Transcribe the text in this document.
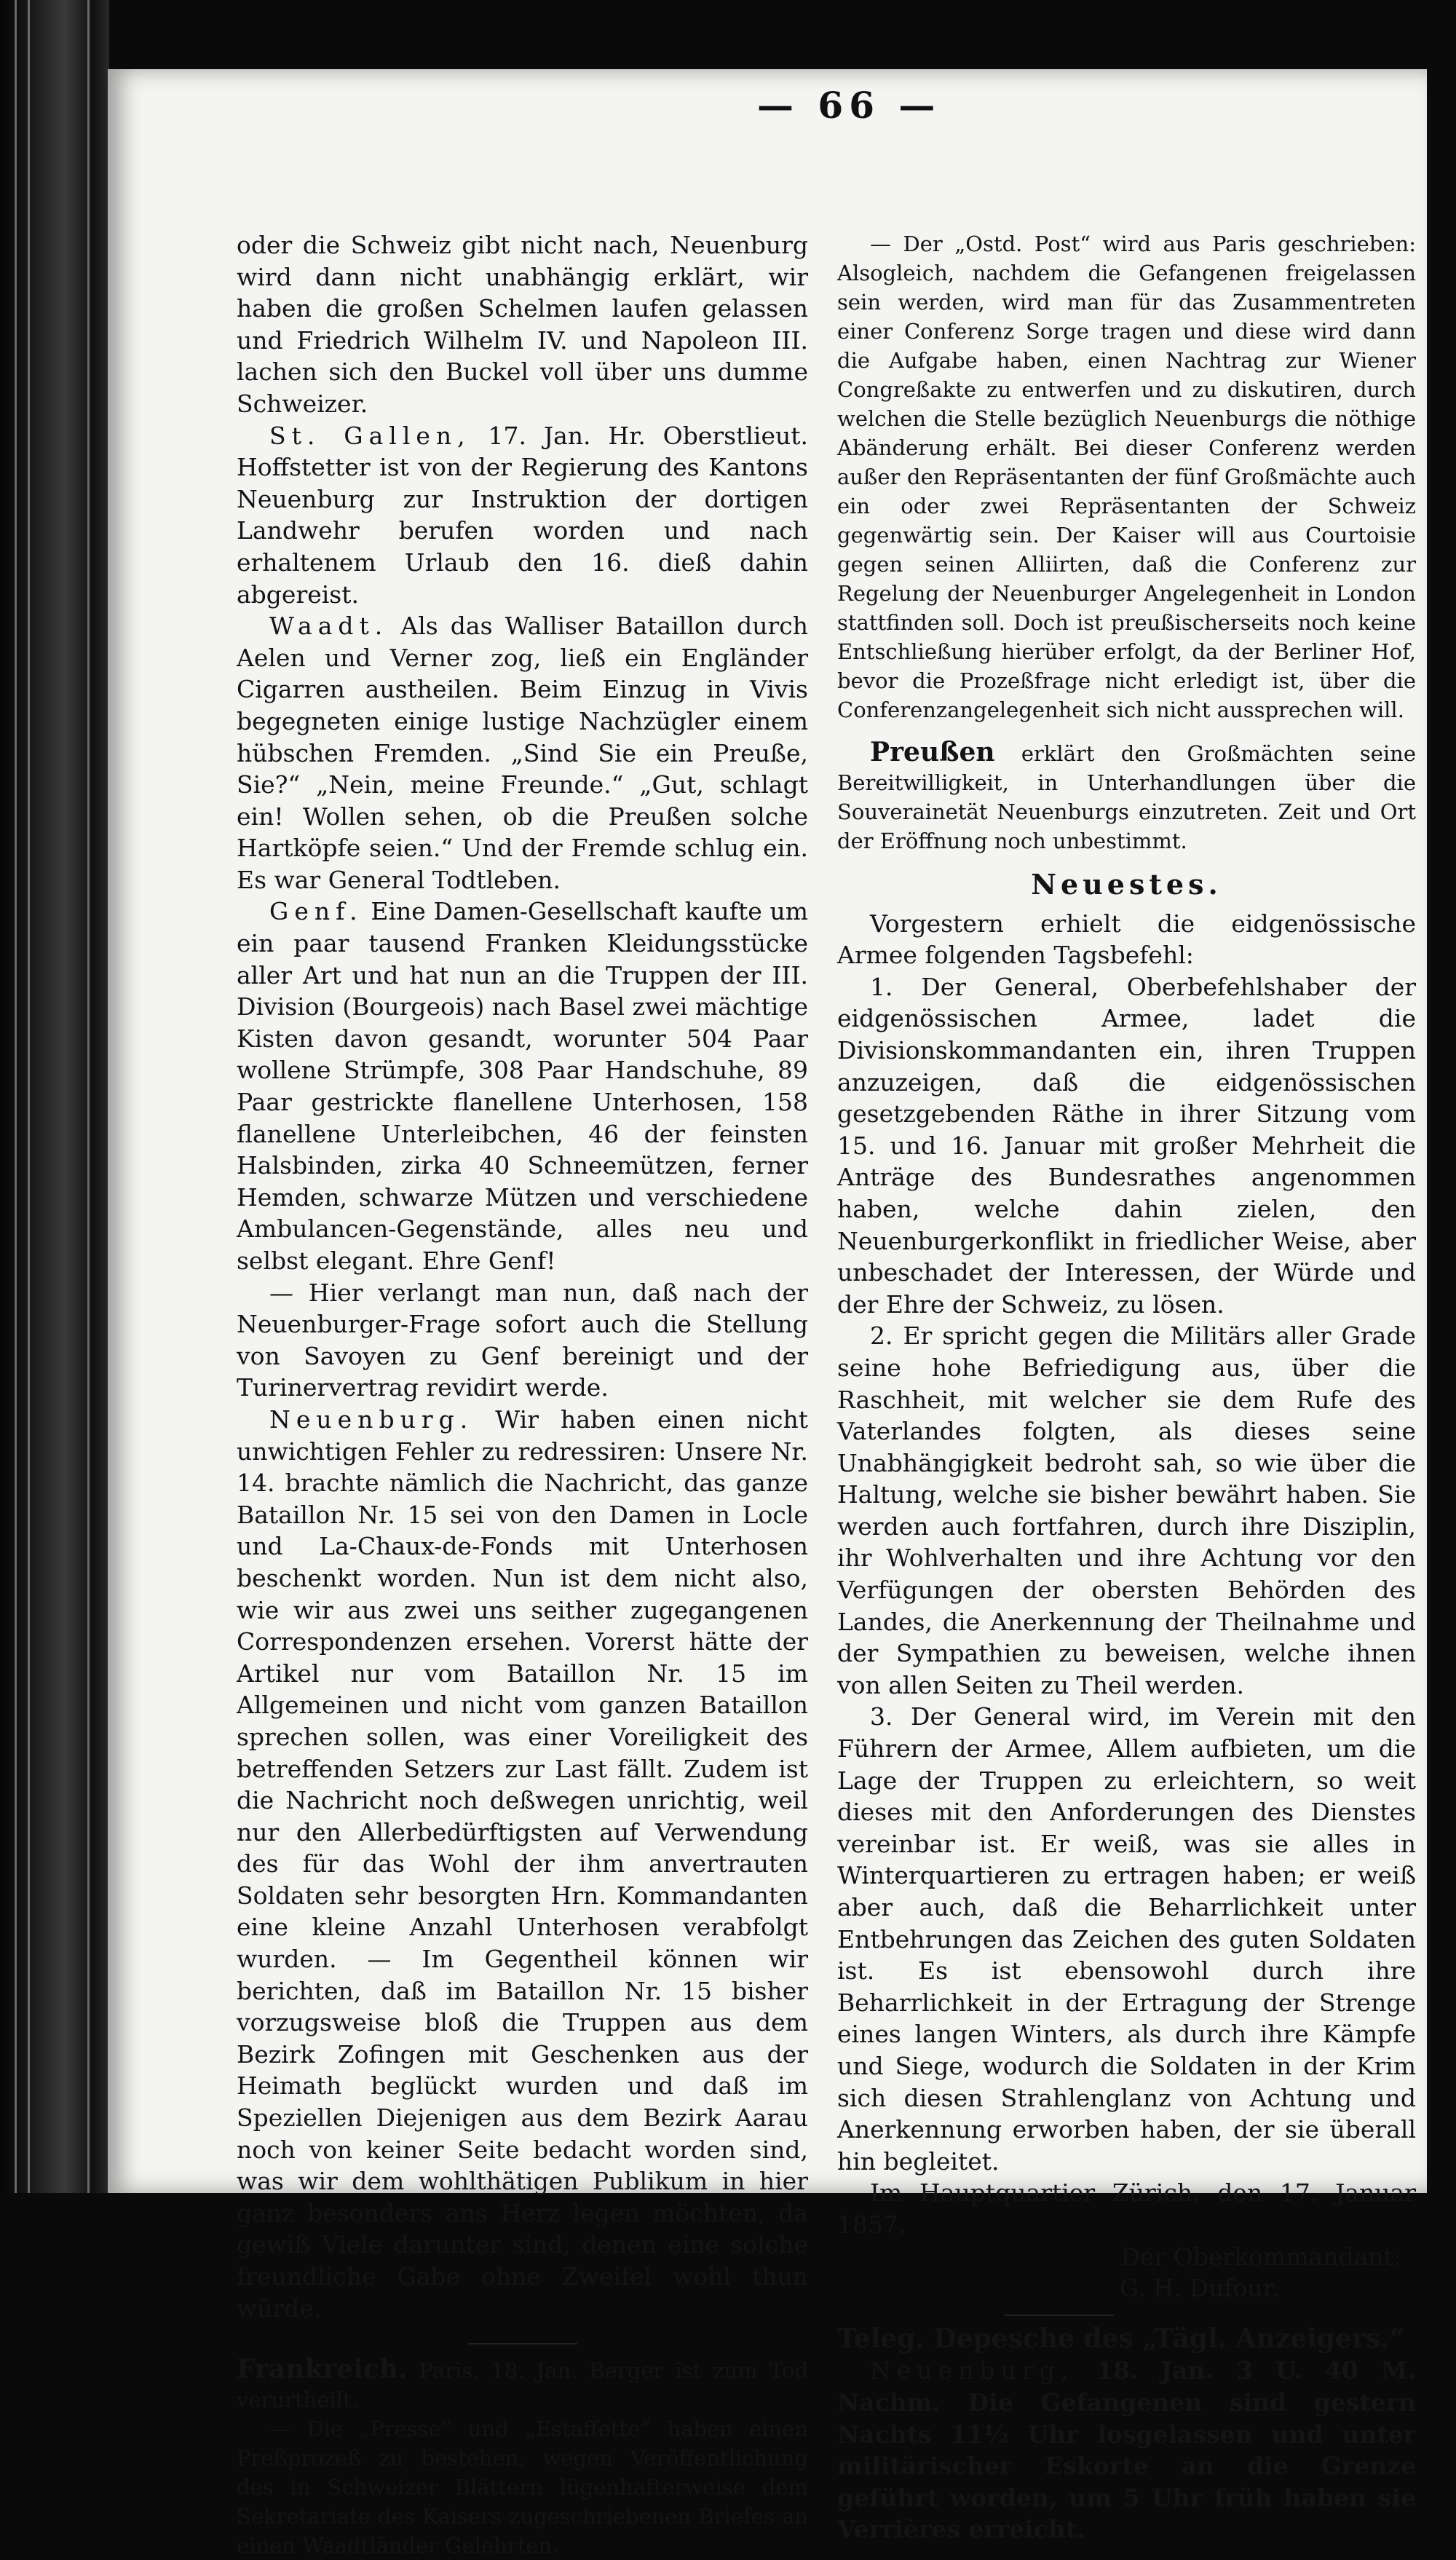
— 66 —

oder die Schweiz gibt nicht nach, Neuenburg wird dann nicht unabhängig erklärt, wir haben die großen Schelmen laufen gelassen und Friedrich Wilhelm IV. und Napoleon III. lachen sich den Buckel voll über uns dumme Schweizer.

St. Gallen, 17. Jan. Hr. Oberstlieut. Hoffstetter ist von der Regierung des Kantons Neuenburg zur Instruktion der dortigen Landwehr berufen worden und nach erhaltenem Urlaub den 16. dieß dahin abgereist.

Waadt. Als das Walliser Bataillon durch Aelen und Verner zog, ließ ein Engländer Cigarren austheilen. Beim Einzug in Vivis begegneten einige lustige Nachzügler einem hübschen Fremden. „Sind Sie ein Preuße, Sie?“ „Nein, meine Freunde.“ „Gut, schlagt ein! Wollen sehen, ob die Preußen solche Hartköpfe seien.“ Und der Fremde schlug ein. Es war General Todtleben.

Genf. Eine Damen-Gesellschaft kaufte um ein paar tausend Franken Kleidungsstücke aller Art und hat nun an die Truppen der III. Division (Bourgeois) nach Basel zwei mächtige Kisten davon gesandt, worunter 504 Paar wollene Strümpfe, 308 Paar Handschuhe, 89 Paar gestrickte flanellene Unterhosen, 158 flanellene Unterleibchen, 46 der feinsten Halsbinden, zirka 40 Schneemützen, ferner Hemden, schwarze Mützen und verschiedene Ambulancen-Gegenstände, alles neu und selbst elegant. Ehre Genf!

— Hier verlangt man nun, daß nach der Neuenburger-Frage sofort auch die Stellung von Savoyen zu Genf bereinigt und der Turinervertrag revidirt werde.

Neuenburg. Wir haben einen nicht unwichtigen Fehler zu redressiren: Unsere Nr. 14. brachte nämlich die Nachricht, das ganze Bataillon Nr. 15 sei von den Damen in Locle und La-Chaux-de-Fonds mit Unterhosen beschenkt worden. Nun ist dem nicht also, wie wir aus zwei uns seither zugegangenen Correspondenzen ersehen. Vorerst hätte der Artikel nur vom Bataillon Nr. 15 im Allgemeinen und nicht vom ganzen Bataillon sprechen sollen, was einer Voreiligkeit des betreffenden Setzers zur Last fällt. Zudem ist die Nachricht noch deßwegen unrichtig, weil nur den Allerbedürftigsten auf Verwendung des für das Wohl der ihm anvertrauten Soldaten sehr besorgten Hrn. Kommandanten eine kleine Anzahl Unterhosen verabfolgt wurden. — Im Gegentheil können wir berichten, daß im Bataillon Nr. 15 bisher vorzugsweise bloß die Truppen aus dem Bezirk Zofingen mit Geschenken aus der Heimath beglückt wurden und daß im Speziellen Diejenigen aus dem Bezirk Aarau noch von keiner Seite bedacht worden sind, was wir dem wohlthätigen Publikum in hier ganz besonders ans Herz legen möchten, da gewiß Viele darunter sind, denen eine solche freundliche Gabe ohne Zweifel wohl thun würde.

Frankreich. Paris, 18. Jan. Berger ist zum Tod verurtheilt.

— Die „Presse“ und „Estaffette“ haben einen Preßprozeß zu bestehen, wegen Veröffentlichung des in Schweizer Blättern lügenhafterweise dem Sekretariate des Kaisers zugeschriebenen Briefes an einen Waadtländer Gelehrten.

— Der „Ostd. Post“ wird aus Paris geschrieben: Alsogleich, nachdem die Gefangenen freigelassen sein werden, wird man für das Zusammentreten einer Conferenz Sorge tragen und diese wird dann die Aufgabe haben, einen Nachtrag zur Wiener Congreßakte zu entwerfen und zu diskutiren, durch welchen die Stelle bezüglich Neuenburgs die nöthige Abänderung erhält. Bei dieser Conferenz werden außer den Repräsentanten der fünf Großmächte auch ein oder zwei Repräsentanten der Schweiz gegenwärtig sein. Der Kaiser will aus Courtoisie gegen seinen Alliirten, daß die Conferenz zur Regelung der Neuenburger Angelegenheit in London stattfinden soll. Doch ist preußischerseits noch keine Entschließung hierüber erfolgt, da der Berliner Hof, bevor die Prozeßfrage nicht erledigt ist, über die Conferenzangelegenheit sich nicht aussprechen will.

Preußen erklärt den Großmächten seine Bereitwilligkeit, in Unterhandlungen über die Souverainetät Neuenburgs einzutreten. Zeit und Ort der Eröffnung noch unbestimmt.

Neuestes.

Vorgestern erhielt die eidgenössische Armee folgenden Tagsbefehl:

1. Der General, Oberbefehlshaber der eidgenössischen Armee, ladet die Divisionskommandanten ein, ihren Truppen anzuzeigen, daß die eidgenössischen gesetzgebenden Räthe in ihrer Sitzung vom 15. und 16. Januar mit großer Mehrheit die Anträge des Bundesrathes angenommen haben, welche dahin zielen, den Neuenburgerkonflikt in friedlicher Weise, aber unbeschadet der Interessen, der Würde und der Ehre der Schweiz, zu lösen.

2. Er spricht gegen die Militärs aller Grade seine hohe Befriedigung aus, über die Raschheit, mit welcher sie dem Rufe des Vaterlandes folgten, als dieses seine Unabhängigkeit bedroht sah, so wie über die Haltung, welche sie bisher bewährt haben. Sie werden auch fortfahren, durch ihre Disziplin, ihr Wohlverhalten und ihre Achtung vor den Verfügungen der obersten Behörden des Landes, die Anerkennung der Theilnahme und der Sympathien zu beweisen, welche ihnen von allen Seiten zu Theil werden.

3. Der General wird, im Verein mit den Führern der Armee, Allem aufbieten, um die Lage der Truppen zu erleichtern, so weit dieses mit den Anforderungen des Dienstes vereinbar ist. Er weiß, was sie alles in Winterquartieren zu ertragen haben; er weiß aber auch, daß die Beharrlichkeit unter Entbehrungen das Zeichen des guten Soldaten ist. Es ist ebensowohl durch ihre Beharrlichkeit in der Ertragung der Strenge eines langen Winters, als durch ihre Kämpfe und Siege, wodurch die Soldaten in der Krim sich diesen Strahlenglanz von Achtung und Anerkennung erworben haben, der sie überall hin begleitet.

Im Hauptquartier Zürich, den 17. Januar 1857.

Der Oberkommandant:

G. H. Dufour.

Teleg. Depesche des „Tägl. Anzeigers.“

Neuenburg, 18. Jan. 3 U. 40 M. Nachm. Die Gefangenen sind gestern Nachts 11½ Uhr losgelassen und unter militärischer Eskorte an die Grenze geführt worden, um 5 Uhr früh haben sie Verrières erreicht.
